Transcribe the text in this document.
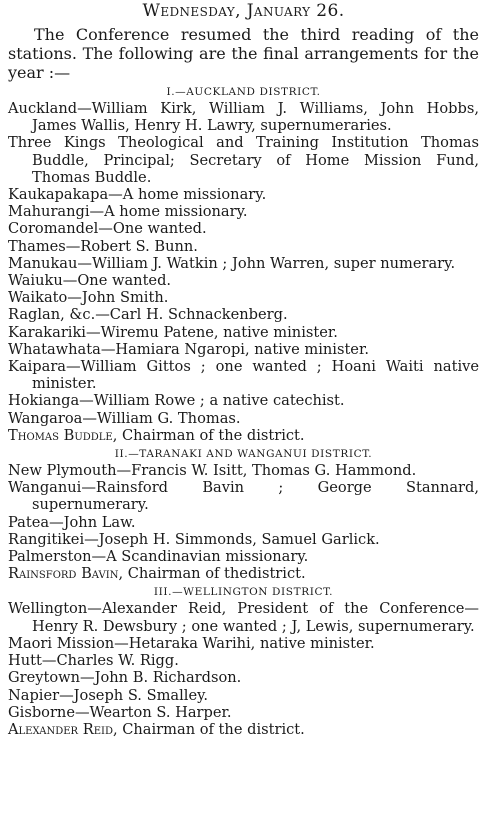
Wednesday, January 26.
The Conference resumed the third reading of the stations. The following are the final arrangements for the year :—
I.—AUCKLAND DISTRICT.
Auckland—William Kirk, William J. Williams, John Hobbs, James Wallis, Henry H. Lawry, supernumeraries.
Three Kings Theological and Training Institution Thomas Buddle, Principal; Secretary of Home Mission Fund, Thomas Buddle.
Kaukapakapa—A home missionary.
Mahurangi—A home missionary.
Coromandel—One wanted.
Thames—Robert S. Bunn.
Manukau—William J. Watkin ; John Warren, super numerary.
Waiuku—One wanted.
Waikato—John Smith.
Raglan, &c.—Carl H. Schnackenberg.
Karakariki—Wiremu Patene, native minister.
Whatawhata—Hamiara Ngaropi, native minister.
Kaipara—William Gittos ; one wanted ; Hoani Waiti native minister.
Hokianga—William Rowe ; a native catechist.
Wangaroa—William G. Thomas.
Thomas Buddle, Chairman of the district.
II.—TARANAKI AND WANGANUI DISTRICT.
New Plymouth—Francis W. Isitt, Thomas G. Hammond.
Wanganui—Rainsford Bavin ; George Stannard, supernumerary.
Patea—John Law.
Rangitikei—Joseph H. Simmonds, Samuel Garlick.
Palmerston—A Scandinavian missionary.
Rainsford Bavin, Chairman of thedistrict.
III.—WELLINGTON DISTRICT.
Wellington—Alexander Reid, President of the Conference—Henry R. Dewsbury ; one wanted ; J, Lewis, supernumerary.
Maori Mission—Hetaraka Warihi, native minister.
Hutt—Charles W. Rigg.
Greytown—John B. Richardson.
Napier—Joseph S. Smalley.
Gisborne—Wearton S. Harper.
Alexander Reid, Chairman of the district.
